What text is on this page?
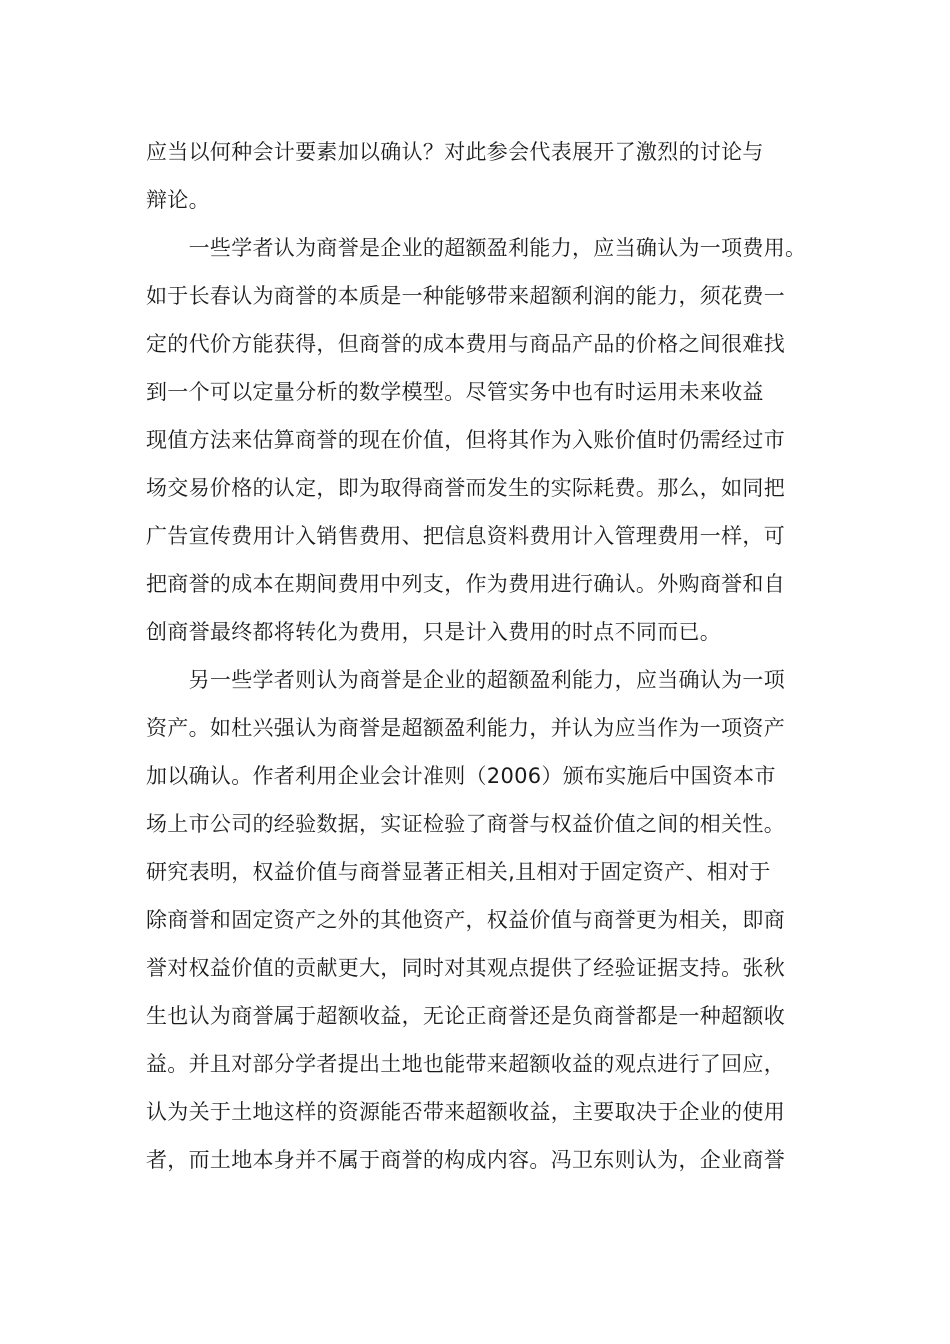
应当以何种会计要素加以确认？对此参会代表展开了激烈的讨论与
辩论。
　　一些学者认为商誉是企业的超额盈利能力，应当确认为一项费用。
如于长春认为商誉的本质是一种能够带来超额利润的能力，须花费一
定的代价方能获得，但商誉的成本费用与商品产品的价格之间很难找
到一个可以定量分析的数学模型。尽管实务中也有时运用未来收益
现值方法来估算商誉的现在价值，但将其作为入账价值时仍需经过市
场交易价格的认定，即为取得商誉而发生的实际耗费。那么，如同把
广告宣传费用计入销售费用、把信息资料费用计入管理费用一样，可
把商誉的成本在期间费用中列支，作为费用进行确认。外购商誉和自
创商誉最终都将转化为费用，只是计入费用的时点不同而已。
　　另一些学者则认为商誉是企业的超额盈利能力，应当确认为一项
资产。如杜兴强认为商誉是超额盈利能力，并认为应当作为一项资产
加以确认。作者利用企业会计准则（2006）颁布实施后中国资本市
场上市公司的经验数据，实证检验了商誉与权益价值之间的相关性。
研究表明，权益价值与商誉显著正相关,且相对于固定资产、相对于
除商誉和固定资产之外的其他资产，权益价值与商誉更为相关，即商
誉对权益价值的贡献更大，同时对其观点提供了经验证据支持。张秋
生也认为商誉属于超额收益，无论正商誉还是负商誉都是一种超额收
益。并且对部分学者提出土地也能带来超额收益的观点进行了回应，
认为关于土地这样的资源能否带来超额收益，主要取决于企业的使用
者，而土地本身并不属于商誉的构成内容。冯卫东则认为，企业商誉
